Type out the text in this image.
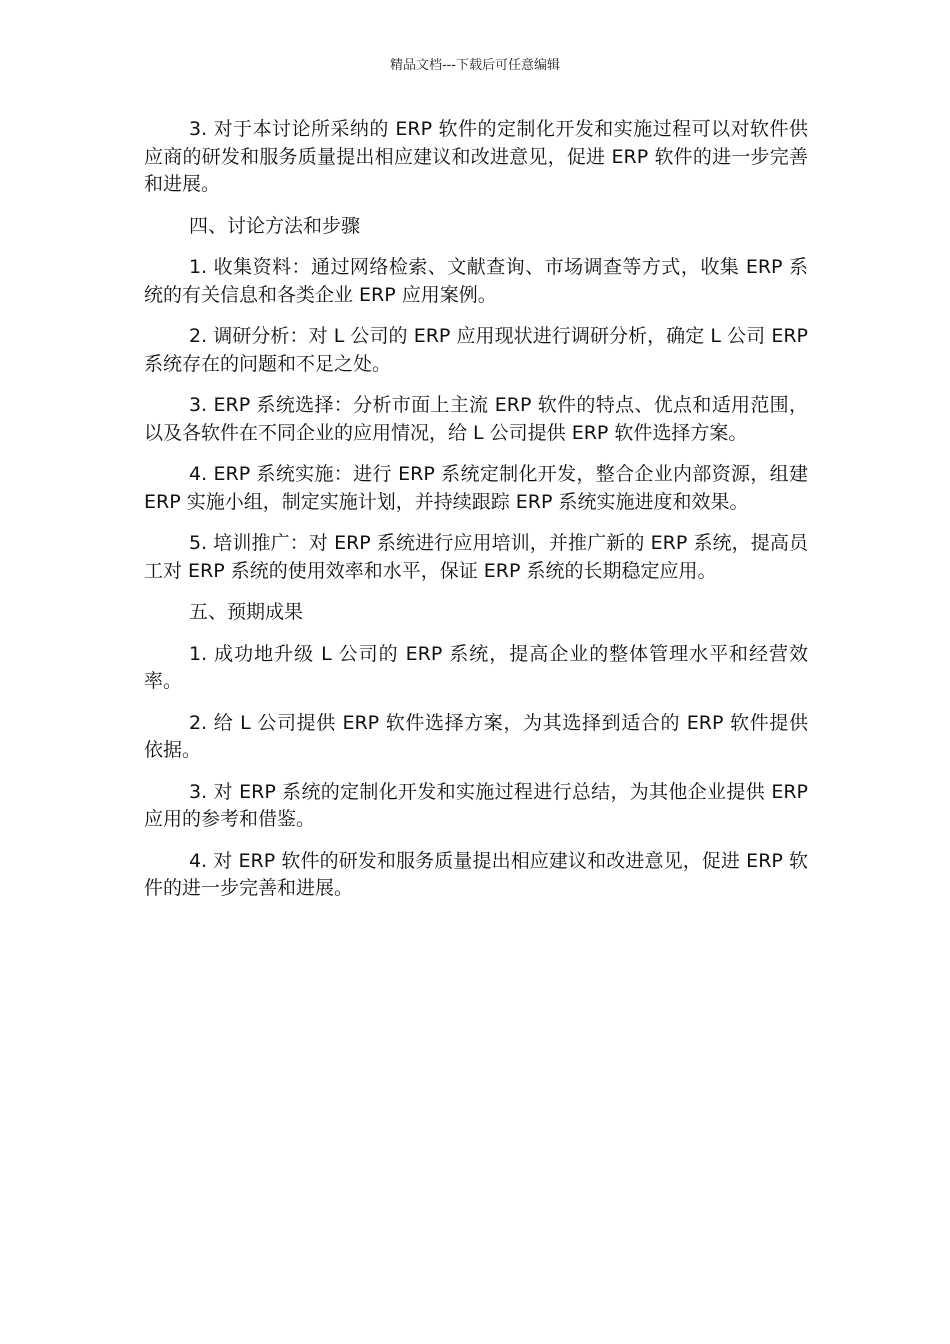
精品文档---下载后可任意编辑

3. 对于本讨论所采纳的 ERP 软件的定制化开发和实施过程可以对软件供应商的研发和服务质量提出相应建议和改进意见，促进 ERP 软件的进一步完善和进展。

四、讨论方法和步骤

1. 收集资料：通过网络检索、文献查询、市场调查等方式，收集 ERP 系统的有关信息和各类企业 ERP 应用案例。

2. 调研分析：对 L 公司的 ERP 应用现状进行调研分析，确定 L 公司 ERP 系统存在的问题和不足之处。

3. ERP 系统选择：分析市面上主流 ERP 软件的特点、优点和适用范围，以及各软件在不同企业的应用情况，给 L 公司提供 ERP 软件选择方案。

4. ERP 系统实施：进行 ERP 系统定制化开发，整合企业内部资源，组建 ERP 实施小组，制定实施计划，并持续跟踪 ERP 系统实施进度和效果。

5. 培训推广：对 ERP 系统进行应用培训，并推广新的 ERP 系统，提高员工对 ERP 系统的使用效率和水平，保证 ERP 系统的长期稳定应用。

五、预期成果

1. 成功地升级 L 公司的 ERP 系统，提高企业的整体管理水平和经营效率。

2. 给 L 公司提供 ERP 软件选择方案，为其选择到适合的 ERP 软件提供依据。

3. 对 ERP 系统的定制化开发和实施过程进行总结，为其他企业提供 ERP 应用的参考和借鉴。

4. 对 ERP 软件的研发和服务质量提出相应建议和改进意见，促进 ERP 软件的进一步完善和进展。
